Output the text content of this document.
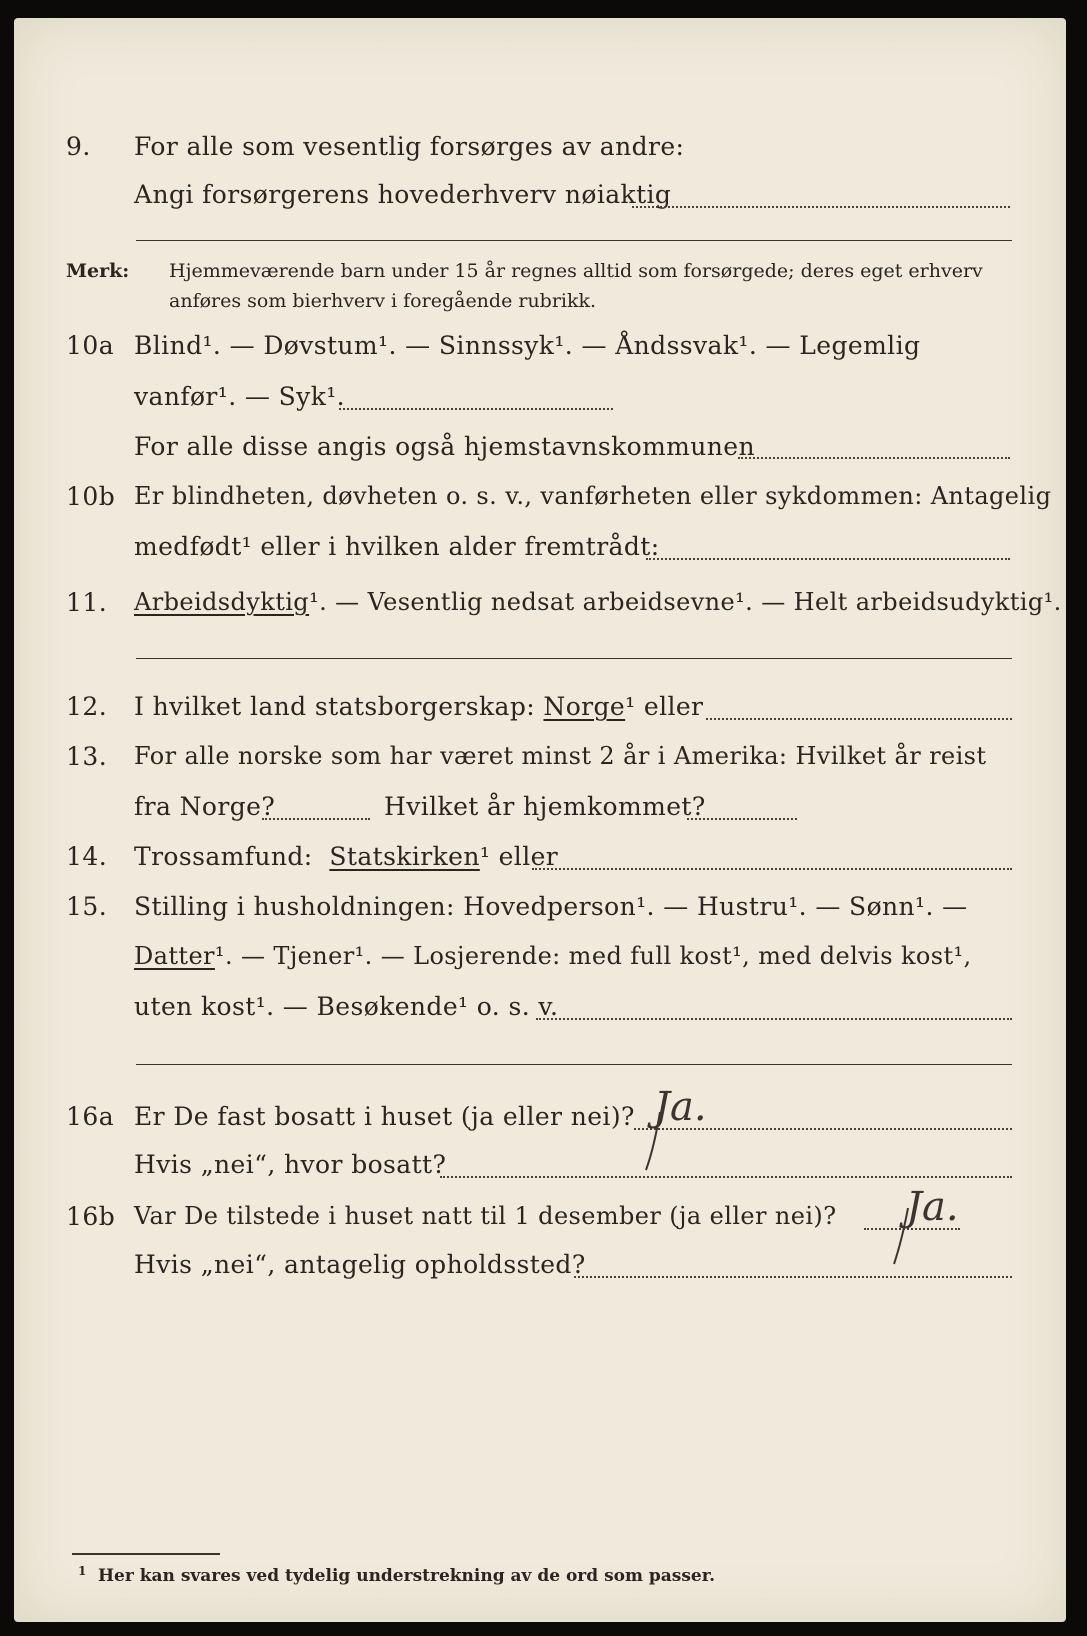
9. For alle som vesentlig forsørges av andre:
Angi forsørgerens hovederhverv nøiaktig
Merk: Hjemmeværende barn under 15 år regnes alltid som forsørgede; deres eget erhverv
anføres som bierhverv i foregående rubrikk.
10a Blind¹. — Døvstum¹. — Sinnssyk¹. — Åndssvak¹. — Legemlig
vanfør¹. — Syk¹.
For alle disse angis også hjemstavnskommunen
10b Er blindheten, døvheten o. s. v., vanførheten eller sykdommen: Antagelig
medfødt¹ eller i hvilken alder fremtrådt:
11. Arbeidsdyktig¹. — Vesentlig nedsat arbeidsevne¹. — Helt arbeidsudyktig¹.
12. I hvilket land statsborgerskap: Norge¹ eller
13. For alle norske som har været minst 2 år i Amerika: Hvilket år reist
fra Norge?	Hvilket år hjemkommet?
14. Trossamfund: Statskirken¹ eller
15. Stilling i husholdningen: Hovedperson¹. — Hustru¹. — Sønn¹. —
Datter¹. — Tjener¹. — Losjerende: med full kost¹, med delvis kost¹,
uten kost¹. — Besøkende¹ o. s. v.
16a Er De fast bosatt i huset (ja eller nei)? Ja.
Hvis „nei“, hvor bosatt?
16b Var De tilstede i huset natt til 1 desember (ja eller nei)? Ja.
Hvis „nei“, antagelig opholdssted?
1 Her kan svares ved tydelig understrekning av de ord som passer.
